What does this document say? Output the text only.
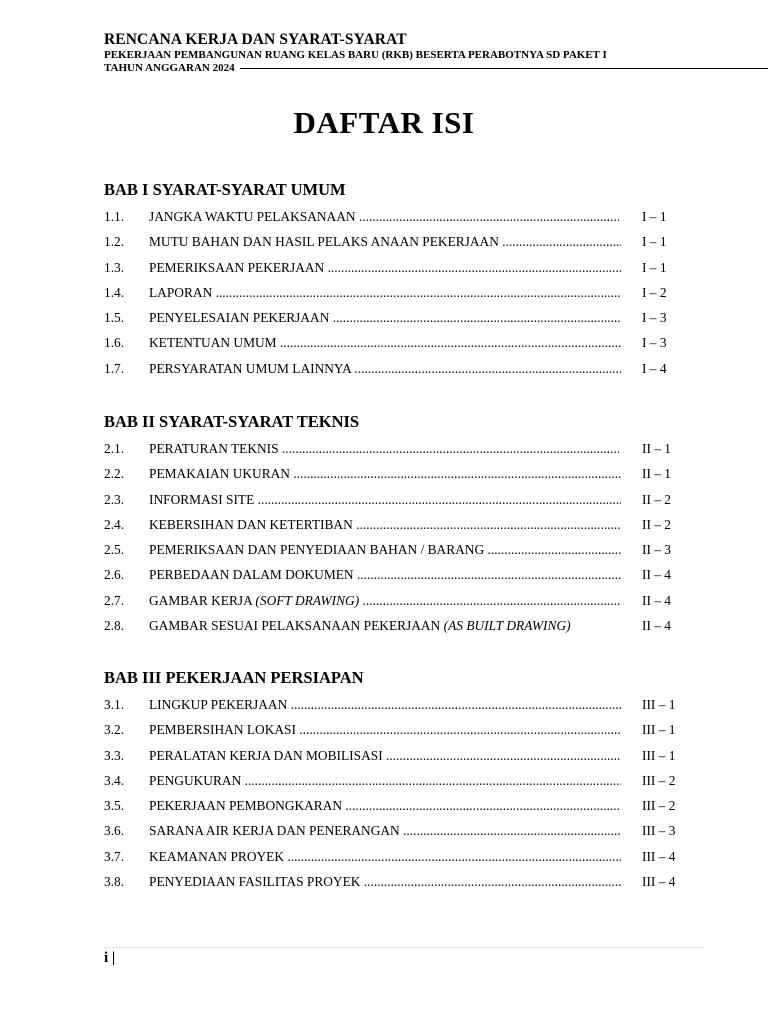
RENCANA KERJA DAN SYARAT-SYARAT
PEKERJAAN PEMBANGUNAN RUANG KELAS BARU (RKB) BESERTA PERABOTNYA SD PAKET I
TAHUN ANGGARAN 2024
DAFTAR ISI
BAB I SYARAT-SYARAT UMUM
1.1. JANGKA WAKTU PELAKSANAAN .....	I – 1
1.2. MUTU BAHAN DAN HASIL PELAKS ANAAN PEKERJAAN .....	I – 1
1.3. PEMERIKSAAN PEKERJAAN .....	I – 1
1.4. LAPORAN .....	I – 2
1.5. PENYELESAIAN PEKERJAAN .....	I – 3
1.6. KETENTUAN UMUM .....	I – 3
1.7. PERSYARATAN UMUM LAINNYA .....	I – 4
BAB II SYARAT-SYARAT TEKNIS
2.1. PERATURAN TEKNIS .....	II – 1
2.2. PEMAKAIAN UKURAN .....	II – 1
2.3. INFORMASI SITE .....	II – 2
2.4. KEBERSIHAN DAN KETERTIBAN .....	II – 2
2.5. PEMERIKSAAN DAN PENYEDIAAN BAHAN / BARANG .....	II – 3
2.6. PERBEDAAN DALAM DOKUMEN .....	II – 4
2.7. GAMBAR KERJA (SOFT DRAWING) .....	II – 4
2.8. GAMBAR SESUAI PELAKSANAAN PEKERJAAN (AS BUILT DRAWING)	II – 4
BAB III PEKERJAAN PERSIAPAN
3.1. LINGKUP PEKERJAAN .....	III – 1
3.2. PEMBERSIHAN LOKASI .....	III – 1
3.3. PERALATAN KERJA DAN MOBILISASI .....	III – 1
3.4. PENGUKURAN .....	III – 2
3.5. PEKERJAAN PEMBONGKARAN .....	III – 2
3.6. SARANA AIR KERJA DAN PENERANGAN .....	III – 3
3.7. KEAMANAN PROYEK .....	III – 4
3.8. PENYEDIAAN FASILITAS PROYEK .....	III – 4
i |
